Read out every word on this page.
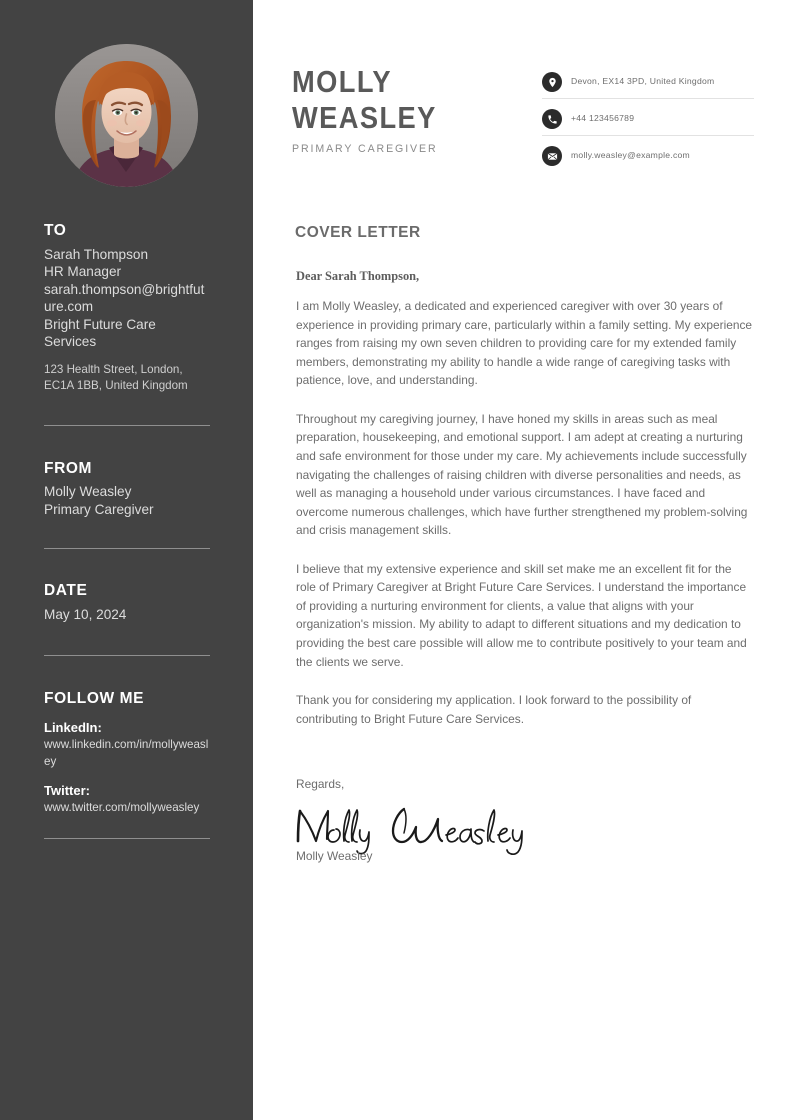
TO
Sarah Thompson
HR Manager
sarah.thompson@brightfuture.com
Bright Future Care Services
123 Health Street, London, EC1A 1BB, United Kingdom
FROM
Molly Weasley
Primary Caregiver
DATE
May 10, 2024
FOLLOW ME
LinkedIn:
www.linkedin.com/in/mollyweasley
Twitter:
www.twitter.com/mollyweasley
MOLLY
WEASLEY
PRIMARY CAREGIVER
Devon, EX14 3PD, United Kingdom
+44 123456789
molly.weasley@example.com
COVER LETTER
Dear Sarah Thompson,

I am Molly Weasley, a dedicated and experienced caregiver with over 30 years of experience in providing primary care, particularly within a family setting. My experience ranges from raising my own seven children to providing care for my extended family members, demonstrating my ability to handle a wide range of caregiving tasks with patience, love, and understanding.

Throughout my caregiving journey, I have honed my skills in areas such as meal preparation, housekeeping, and emotional support. I am adept at creating a nurturing and safe environment for those under my care. My achievements include successfully navigating the challenges of raising children with diverse personalities and needs, as well as managing a household under various circumstances. I have faced and overcome numerous challenges, which have further strengthened my problem-solving and crisis management skills.

I believe that my extensive experience and skill set make me an excellent fit for the role of Primary Caregiver at Bright Future Care Services. I understand the importance of providing a nurturing environment for clients, a value that aligns with your organization's mission. My ability to adapt to different situations and my dedication to providing the best care possible will allow me to contribute positively to your team and the clients we serve.

Thank you for considering my application. I look forward to the possibility of contributing to Bright Future Care Services.

Regards,
Molly Weasley
